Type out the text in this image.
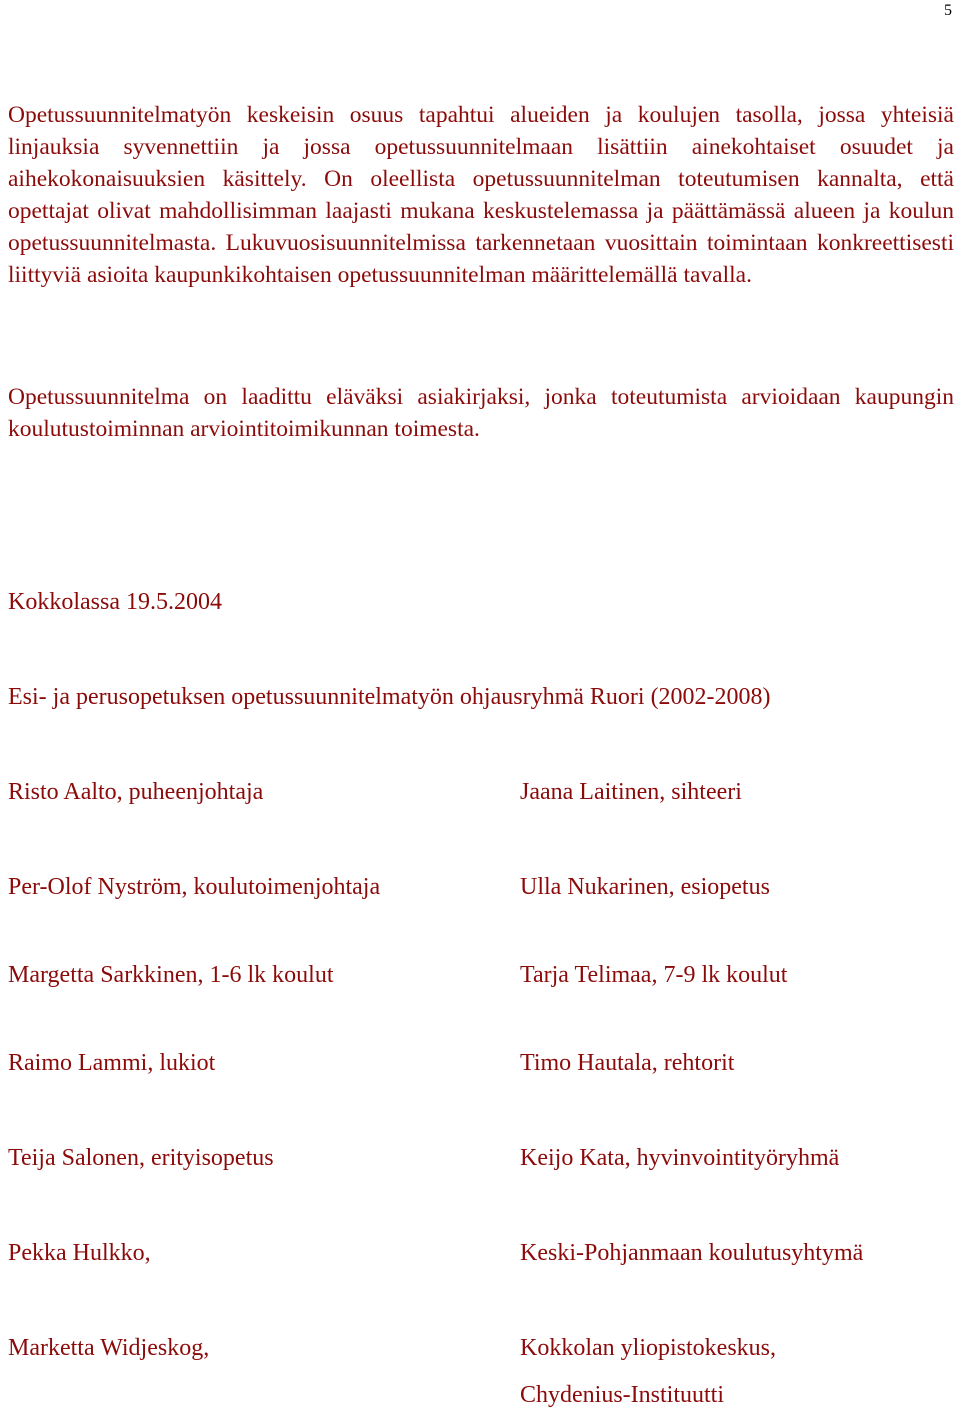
5

Opetussuunnitelmatyön keskeisin osuus tapahtui alueiden ja koulujen tasolla, jossa yhteisiä linjauksia syvennettiin ja jossa opetussuunnitelmaan lisättiin ainekohtaiset osuudet ja aihekokonaisuuksien käsittely. On oleellista opetussuunnitelman toteutumisen kannalta, että opettajat olivat mahdollisimman laajasti mukana keskustelemassa ja päättämässä alueen ja koulun opetussuunnitelmasta. Lukuvuosisuunnitelmissa tarkennetaan vuosittain toimintaan konkreettisesti liittyviä asioita kaupunkikohtaisen opetussuunnitelman määrittelemällä tavalla.

Opetussuunnitelma on laadittu eläväksi asiakirjaksi, jonka toteutumista arvioidaan kaupungin koulutustoiminnan arviointitoimikunnan toimesta.

Kokkolassa 19.5.2004
Esi- ja perusopetuksen opetussuunnitelmatyön ohjausryhmä Ruori (2002-2008)
Risto Aalto, puheenjohtaja	Jaana Laitinen, sihteeri
Per-Olof Nyström, koulutoimenjohtaja	Ulla Nukarinen, esiopetus
Margetta Sarkkinen, 1-6 lk koulut	Tarja Telimaa, 7-9 lk koulut
Raimo Lammi, lukiot	Timo Hautala, rehtorit
Teija Salonen, erityisopetus	Keijo Kata, hyvinvointityöryhmä
Pekka Hulkko,	Keski-Pohjanmaan koulutusyhtymä
Marketta Widjeskog,	Kokkolan yliopistokeskus,
Chydenius-Instituutti
